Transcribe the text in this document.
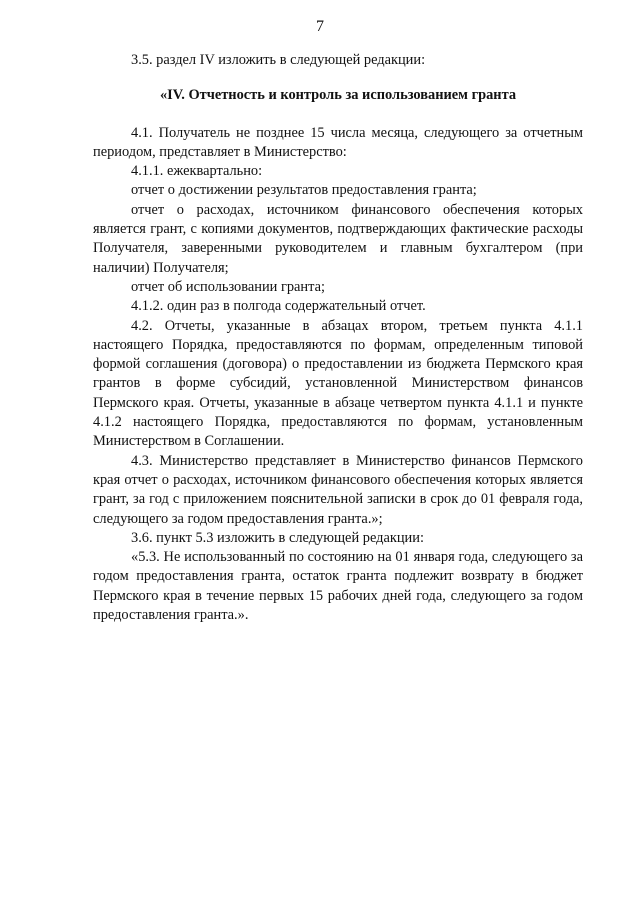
7

3.5. раздел IV изложить в следующей редакции:

«IV. Отчетность и контроль за использованием гранта

4.1. Получатель не позднее 15 числа месяца, следующего за отчетным периодом, представляет в Министерство:

4.1.1. ежеквартально:

отчет о достижении результатов предоставления гранта;

отчет о расходах, источником финансового обеспечения которых является грант, с копиями документов, подтверждающих фактические расходы Получателя, заверенными руководителем и главным бухгалтером (при наличии) Получателя;

отчет об использовании гранта;

4.1.2. один раз в полгода содержательный отчет.

4.2. Отчеты, указанные в абзацах втором, третьем пункта 4.1.1 настоящего Порядка, предоставляются по формам, определенным типовой формой соглашения (договора) о предоставлении из бюджета Пермского края грантов в форме субсидий, установленной Министерством финансов Пермского края. Отчеты, указанные в абзаце четвертом пункта 4.1.1 и пункте 4.1.2 настоящего Порядка, предоставляются по формам, установленным Министерством в Соглашении.

4.3. Министерство представляет в Министерство финансов Пермского края отчет о расходах, источником финансового обеспечения которых является грант, за год с приложением пояснительной записки в срок до 01 февраля года, следующего за годом предоставления гранта.»;

3.6. пункт 5.3 изложить в следующей редакции:

«5.3. Не использованный по состоянию на 01 января года, следующего за годом предоставления гранта, остаток гранта подлежит возврату в бюджет Пермского края в течение первых 15 рабочих дней года, следующего за годом предоставления гранта.».
